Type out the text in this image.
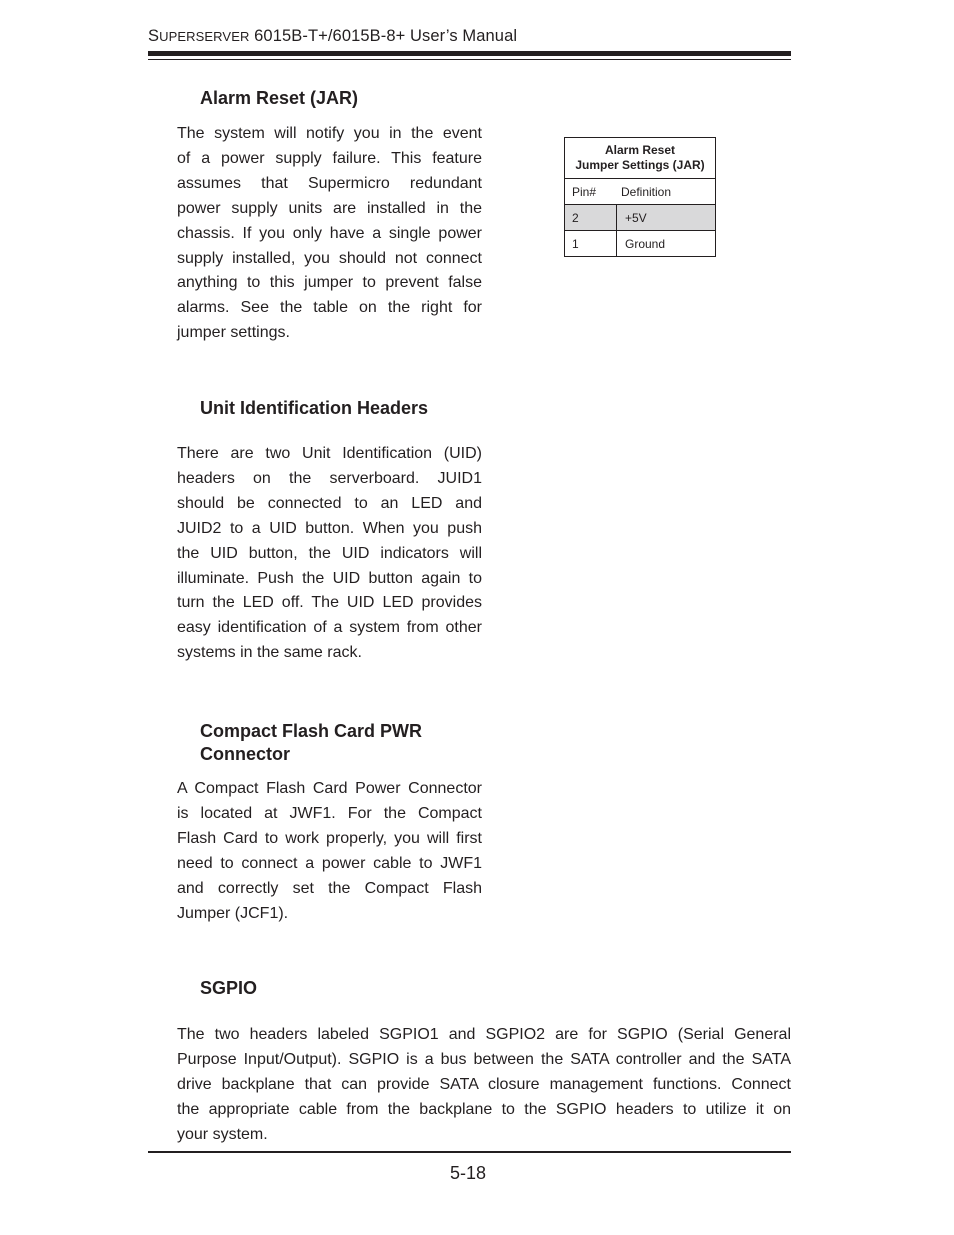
SUPERSERVER 6015B-T+/6015B-8+ User’s Manual
Alarm Reset (JAR)
The system will notify you in the event
of a power supply failure. This feature
assumes that Supermicro redundant
power supply units are installed in the
chassis. If you only have a single power
supply installed, you should not connect
anything to this jumper to prevent false
alarms. See the table on the right for
jumper settings.
Alarm Reset
Jumper Settings (JAR)
Pin#	Definition
2	+5V
1	Ground
Unit Identification Headers
There are two Unit Identification (UID)
headers on the serverboard. JUID1
should be connected to an LED and
JUID2 to a UID button. When you push
the UID button, the UID indicators will
illuminate. Push the UID button again to
turn the LED off. The UID LED provides
easy identification of a system from other
systems in the same rack.
Compact Flash Card PWR
Connector
A Compact Flash Card Power Connector
is located at JWF1. For the Compact
Flash Card to work properly, you will first
need to connect a power cable to JWF1
and correctly set the Compact Flash
Jumper (JCF1).
SGPIO
The two headers labeled SGPIO1 and SGPIO2 are for SGPIO (Serial General
Purpose Input/Output). SGPIO is a bus between the SATA controller and the SATA
drive backplane that can provide SATA closure management functions. Connect
the appropriate cable from the backplane to the SGPIO headers to utilize it on
your system.
5-18
